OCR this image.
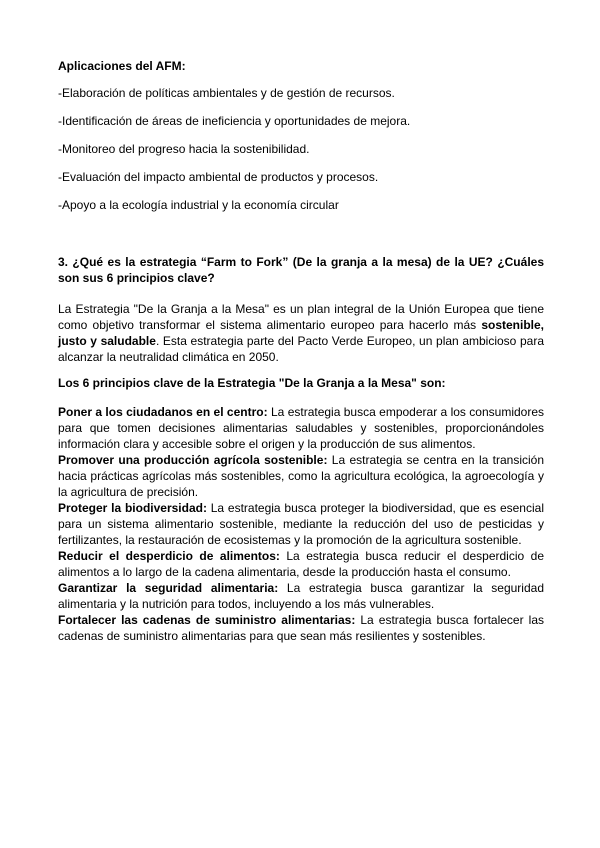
Aplicaciones del AFM:
-Elaboración de políticas ambientales y de gestión de recursos.
-Identificación de áreas de ineficiencia y oportunidades de mejora.
-Monitoreo del progreso hacia la sostenibilidad.
-Evaluación del impacto ambiental de productos y procesos.
-Apoyo a la ecología industrial y la economía circular
3. ¿Qué es la estrategia “Farm to Fork” (De la granja a la mesa) de la UE? ¿Cuáles son sus 6 principios clave?
La Estrategia "De la Granja a la Mesa" es un plan integral de la Unión Europea que tiene como objetivo transformar el sistema alimentario europeo para hacerlo más sostenible, justo y saludable. Esta estrategia parte del Pacto Verde Europeo, un plan ambicioso para alcanzar la neutralidad climática en 2050.
Los 6 principios clave de la Estrategia "De la Granja a la Mesa" son:
Poner a los ciudadanos en el centro: La estrategia busca empoderar a los consumidores para que tomen decisiones alimentarias saludables y sostenibles, proporcionándoles información clara y accesible sobre el origen y la producción de sus alimentos.
Promover una producción agrícola sostenible: La estrategia se centra en la transición hacia prácticas agrícolas más sostenibles, como la agricultura ecológica, la agroecología y la agricultura de precisión.
Proteger la biodiversidad: La estrategia busca proteger la biodiversidad, que es esencial para un sistema alimentario sostenible, mediante la reducción del uso de pesticidas y fertilizantes, la restauración de ecosistemas y la promoción de la agricultura sostenible.
Reducir el desperdicio de alimentos: La estrategia busca reducir el desperdicio de alimentos a lo largo de la cadena alimentaria, desde la producción hasta el consumo.
Garantizar la seguridad alimentaria: La estrategia busca garantizar la seguridad alimentaria y la nutrición para todos, incluyendo a los más vulnerables.
Fortalecer las cadenas de suministro alimentarias: La estrategia busca fortalecer las cadenas de suministro alimentarias para que sean más resilientes y sostenibles.
